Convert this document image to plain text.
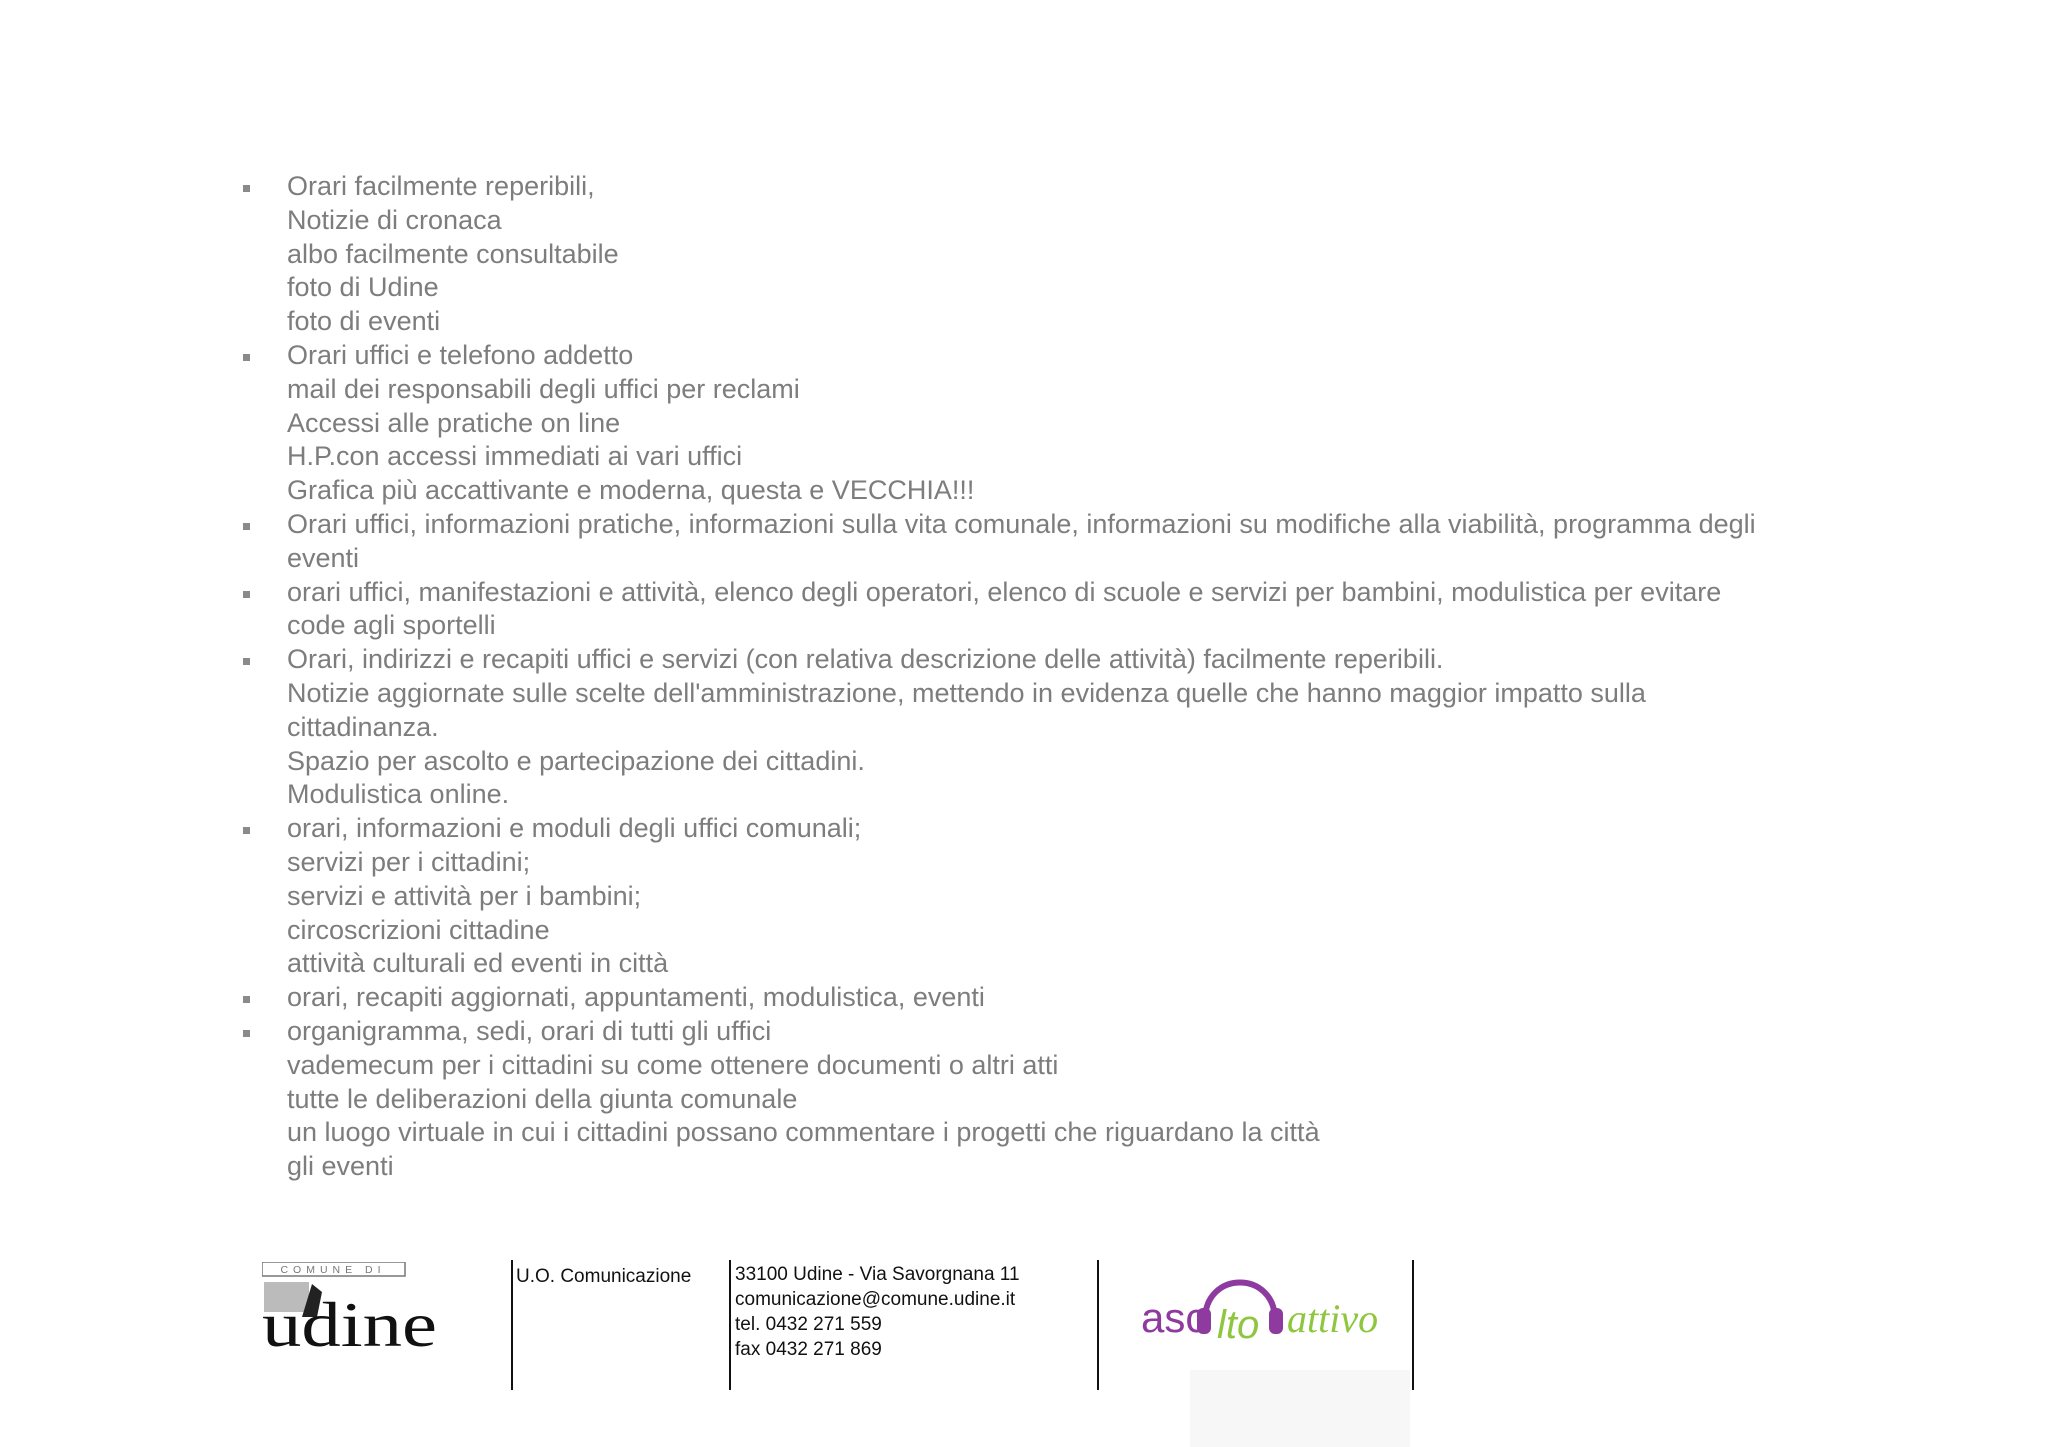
Orari facilmente reperibili,
Notizie di cronaca
albo facilmente consultabile
foto di Udine
foto di eventi
Orari uffici e telefono addetto
mail dei responsabili degli uffici per reclami
Accessi alle pratiche on line
H.P.con accessi immediati ai vari uffici
Grafica più accattivante e moderna, questa e VECCHIA!!!
Orari uffici, informazioni pratiche, informazioni sulla vita comunale, informazioni su modifiche alla viabilità, programma degli
eventi
orari uffici, manifestazioni e attività, elenco degli operatori, elenco di scuole e servizi per bambini, modulistica per evitare
code agli sportelli
Orari, indirizzi e recapiti uffici e servizi (con relativa descrizione delle attività) facilmente reperibili.
Notizie aggiornate sulle scelte dell'amministrazione, mettendo in evidenza quelle che hanno maggior impatto sulla
cittadinanza.
Spazio per ascolto e partecipazione dei cittadini.
Modulistica online.
orari, informazioni e moduli degli uffici comunali;
servizi per i cittadini;
servizi e attività per i bambini;
circoscrizioni cittadine
attività culturali ed eventi in città
orari, recapiti aggiornati, appuntamenti, modulistica, eventi
organigramma, sedi, orari di tutti gli uffici
vademecum per i cittadini su come ottenere documenti o altri atti
tutte le deliberazioni della giunta comunale
un luogo virtuale in cui i cittadini possano commentare i progetti che riguardano la città
gli eventi
COMUNE DI
udine
U.O. Comunicazione 33100 Udine - Via Savorgnana 11
comunicazione@comune.udine.it
tel. 0432 271 559
fax 0432 271 869
asc lto attivo
